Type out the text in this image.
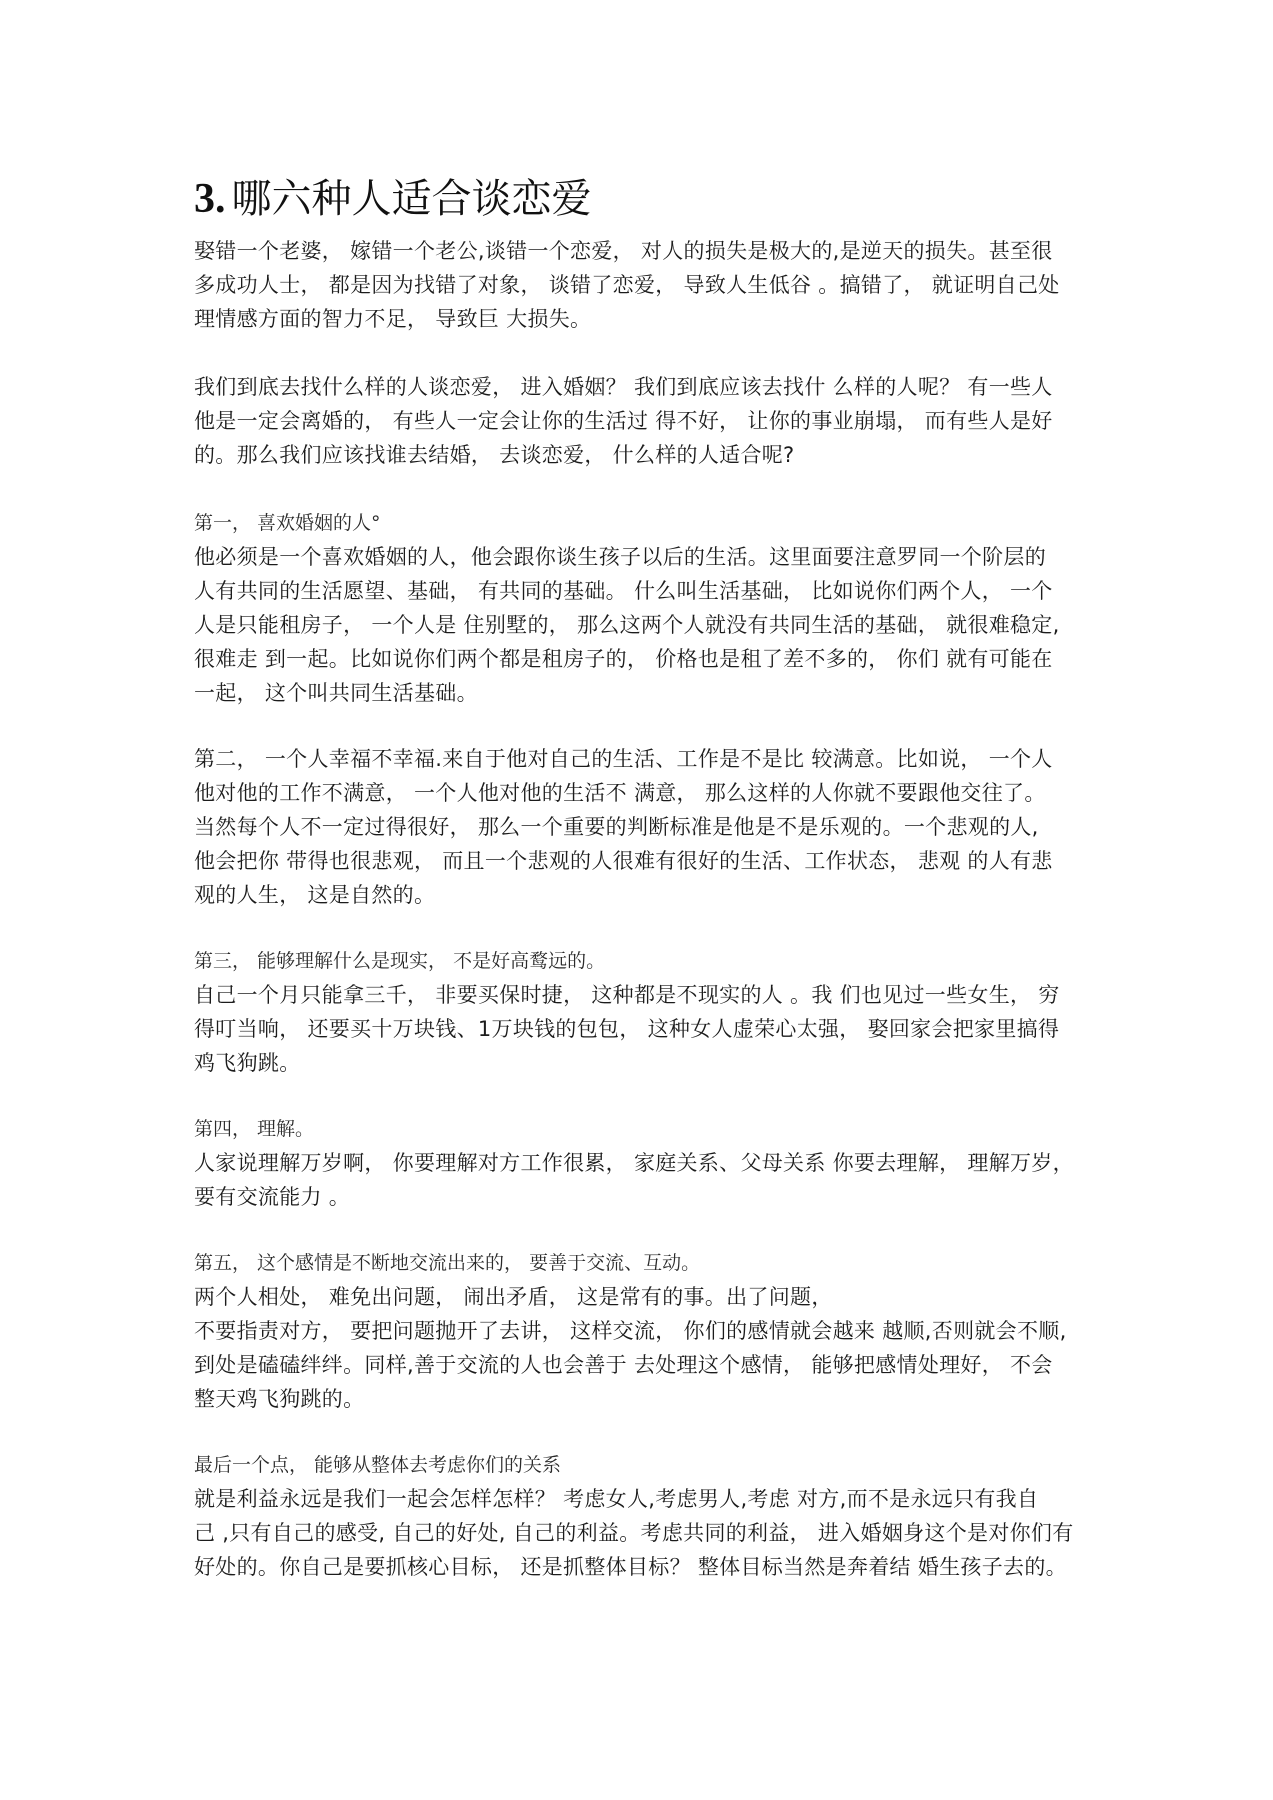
3. 哪六种人适合谈恋爱

娶错一个老婆， 嫁错一个老公,谈错一个恋爱， 对人的损失是极大的,是逆天的损失。甚至很

多成功人士， 都是因为找错了对象， 谈错了恋爱， 导致人生低谷 。搞错了， 就证明自己处

理情感方面的智力不足， 导致巨 大损失。

我们到底去找什么样的人谈恋爱， 进入婚姻？ 我们到底应该去找什 么样的人呢？ 有一些人

他是一定会离婚的， 有些人一定会让你的生活过 得不好， 让你的事业崩塌， 而有些人是好

的。那么我们应该找谁去结婚， 去谈恋爱， 什么样的人适合呢?

第一， 喜欢婚姻的人°

他必须是一个喜欢婚姻的人，他会跟你谈生孩子以后的生活。这里面要注意罗同一个阶层的

人有共同的生活愿望、基础， 有共同的基础。 什么叫生活基础， 比如说你们两个人， 一个

人是只能租房子， 一个人是 住别墅的， 那么这两个人就没有共同生活的基础， 就很难稳定,

很难走 到一起。比如说你们两个都是租房子的， 价格也是租了差不多的， 你们 就有可能在

一起， 这个叫共同生活基础。

第二， 一个人幸福不幸福.来自于他对自己的生活、工作是不是比 较满意。比如说， 一个人

他对他的工作不满意， 一个人他对他的生活不 满意， 那么这样的人你就不要跟他交往了。

当然每个人不一定过得很好， 那么一个重要的判断标准是他是不是乐观的。一个悲观的人,

他会把你 带得也很悲观， 而且一个悲观的人很难有很好的生活、工作状态， 悲观 的人有悲

观的人生， 这是自然的。

第三， 能够理解什么是现实， 不是好高鹜远的。

自己一个月只能拿三千， 非要买保时捷， 这种都是不现实的人 。我 们也见过一些女生， 穷

得叮当响， 还要买十万块钱、1万块钱的包包， 这种女人虚荣心太强， 娶回家会把家里搞得

鸡飞狗跳。

第四， 理解。

人家说理解万岁啊， 你要理解对方工作很累， 家庭关系、父母关系 你要去理解， 理解万岁，

要有交流能力 。

第五， 这个感情是不断地交流出来的， 要善于交流、互动。

两个人相处， 难免出问题， 闹出矛盾， 这是常有的事。出了问题，

不要指责对方， 要把问题抛开了去讲， 这样交流， 你们的感情就会越来 越顺,否则就会不顺,

到处是磕磕绊绊。同样,善于交流的人也会善于 去处理这个感情， 能够把感情处理好， 不会

整天鸡飞狗跳的。

最后一个点， 能够从整体去考虑你们的关系

就是利益永远是我们一起会怎样怎样？ 考虑女人,考虑男人,考虑 对方,而不是永远只有我自

己 ,只有自己的感受, 自己的好处, 自己的利益。考虑共同的利益， 进入婚姻身这个是对你们有

好处的。你自己是要抓核心目标， 还是抓整体目标？ 整体目标当然是奔着结 婚生孩子去的。
